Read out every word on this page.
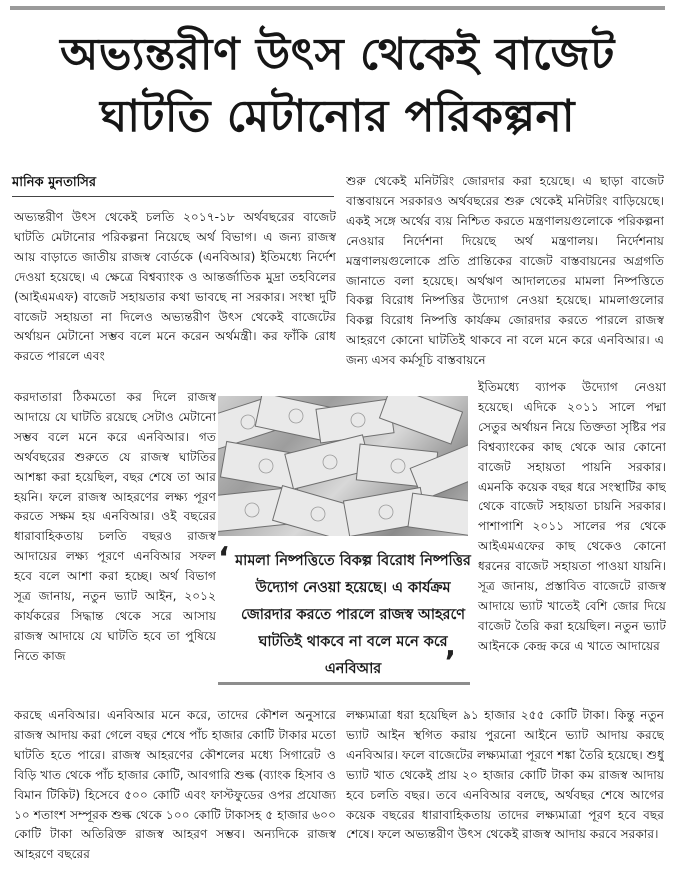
অভ্যন্তরীণ উৎস থেকেই বাজেট
ঘাটতি মেটানোর পরিকল্পনা
মানিক মুনতাসির

অভ্যন্তরীণ উৎস থেকেই চলতি ২০১৭-১৮ অর্থবছরের বাজেট ঘাটতি মেটানোর পরিকল্পনা নিয়েছে অর্থ বিভাগ। এ জন্য রাজস্ব আয় বাড়াতে জাতীয় রাজস্ব বোর্ডকে (এনবিআর) ইতিমধ্যে নির্দেশ দেওয়া হয়েছে। এ ক্ষেত্রে বিশ্বব্যাংক ও আন্তর্জাতিক মুদ্রা তহবিলের (আইএমএফ) বাজেট সহায়তার কথা ভাবছে না সরকার। সংস্থা দুটি বাজেট সহায়তা না দিলেও অভ্যন্তরীণ উৎস থেকেই বাজেটের অর্থায়ন মেটানো সম্ভব বলে মনে করেন অর্থমন্ত্রী। কর ফাঁকি রোধ করতে পারলে এবং

করদাতারা ঠিকমতো কর দিলে রাজস্ব আদায়ে যে ঘাটতি রয়েছে সেটাও মেটানো সম্ভব বলে মনে করে এনবিআর। গত অর্থবছরের শুরুতে যে রাজস্ব ঘাটতির আশঙ্কা করা হয়েছিল, বছর শেষে তা আর হয়নি। ফলে রাজস্ব আহরণের লক্ষ্য পূরণ করতে সক্ষম হয় এনবিআর। ওই বছরের ধারাবাহিকতায় চলতি বছরও রাজস্ব আদায়ের লক্ষ্য পূরণে এনবিআর সফল হবে বলে আশা করা হচ্ছে। অর্থ বিভাগ সূত্র জানায়, নতুন ভ্যাট আইন, ২০১২ কার্যকরের সিদ্ধান্ত থেকে সরে আসায় রাজস্ব আদায়ে যে ঘাটতি হবে তা পুষিয়ে নিতে কাজ

করছে এনবিআর। এনবিআর মনে করে, তাদের কৌশল অনুসারে রাজস্ব আদায় করা গেলে বছর শেষে পাঁচ হাজার কোটি টাকার মতো ঘাটতি হতে পারে। রাজস্ব আহরণের কৌশলের মধ্যে সিগারেট ও বিড়ি খাত থেকে পাঁচ হাজার কোটি, আবগারি শুল্ক (ব্যাংক হিসাব ও বিমান টিকিট) হিসেবে ৫০০ কোটি এবং ফাস্টফুডের ওপর প্রযোজ্য ১০ শতাংশ সম্পূরক শুল্ক থেকে ১০০ কোটি টাকাসহ ৫ হাজার ৬০০ কোটি টাকা অতিরিক্ত রাজস্ব আহরণ সম্ভব। অন্যদিকে রাজস্ব আহরণে বছরের

শুরু থেকেই মনিটরিং জোরদার করা হয়েছে। এ ছাড়া বাজেট বাস্তবায়নে সরকারও অর্থবছরের শুরু থেকেই মনিটরিং বাড়িয়েছে। একই সঙ্গে অর্থের ব্যয় নিশ্চিত করতে মন্ত্রণালয়গুলোকে পরিকল্পনা নেওয়ার নির্দেশনা দিয়েছে অর্থ মন্ত্রণালয়। নির্দেশনায় মন্ত্রণালয়গুলোকে প্রতি প্রান্তিকের বাজেট বাস্তবায়নের অগ্রগতি জানাতে বলা হয়েছে। অর্থঋণ আদালতের মামলা নিষ্পত্তিতে বিকল্প বিরোধ নিষ্পত্তির উদ্যোগ নেওয়া হয়েছে। মামলাগুলোর বিকল্প বিরোধ নিষ্পত্তি কার্যক্রম জোরদার করতে পারলে রাজস্ব আহরণে কোনো ঘাটতিই থাকবে না বলে মনে করে এনবিআর। এ জন্য এসব কর্মসূচি বাস্তবায়নে

ইতিমধ্যে ব্যাপক উদ্যোগ নেওয়া হয়েছে। এদিকে ২০১১ সালে পদ্মা সেতুর অর্থায়ন নিয়ে তিক্ততা সৃষ্টির পর বিশ্বব্যাংকের কাছ থেকে আর কোনো বাজেট সহায়তা পায়নি সরকার। এমনকি কয়েক বছর ধরে সংস্থাটির কাছ থেকে বাজেট সহায়তা চায়নি সরকার। পাশাপাশি ২০১১ সালের পর থেকে আইএমএফের কাছ থেকেও কোনো ধরনের বাজেট সহায়তা পাওয়া যায়নি। সূত্র জানায়, প্রস্তাবিত বাজেটে রাজস্ব আদায়ে ভ্যাট খাতেই বেশি জোর দিয়ে বাজেট তৈরি করা হয়েছিল। নতুন ভ্যাট আইনকে কেন্দ্র করে এ খাতে আদায়ের

লক্ষ্যমাত্রা ধরা হয়েছিল ৯১ হাজার ২৫৫ কোটি টাকা। কিন্তু নতুন ভ্যাট আইন স্থগিত করায় পুরনো আইনে ভ্যাট আদায় করছে এনবিআর। ফলে বাজেটের লক্ষ্যমাত্রা পূরণে শঙ্কা তৈরি হয়েছে। শুধু ভ্যাট খাত থেকেই প্রায় ২০ হাজার কোটি টাকা কম রাজস্ব আদায় হবে চলতি বছর। তবে এনবিআর বলছে, অর্থবছর শেষে আগের কয়েক বছরের ধারাবাহিকতায় তাদের লক্ষ্যমাত্রা পূরণ হবে বছর শেষে। ফলে অভ্যন্তরীণ উৎস থেকেই রাজস্ব আদায় করবে সরকার।

‘ মামলা নিষ্পত্তিতে বিকল্প বিরোধ নিষ্পত্তির উদ্যোগ নেওয়া হয়েছে। এ কার্যক্রম জোরদার করতে পারলে রাজস্ব আহরণে ঘাটতিই থাকবে না বলে মনে করে এনবিআর	’
